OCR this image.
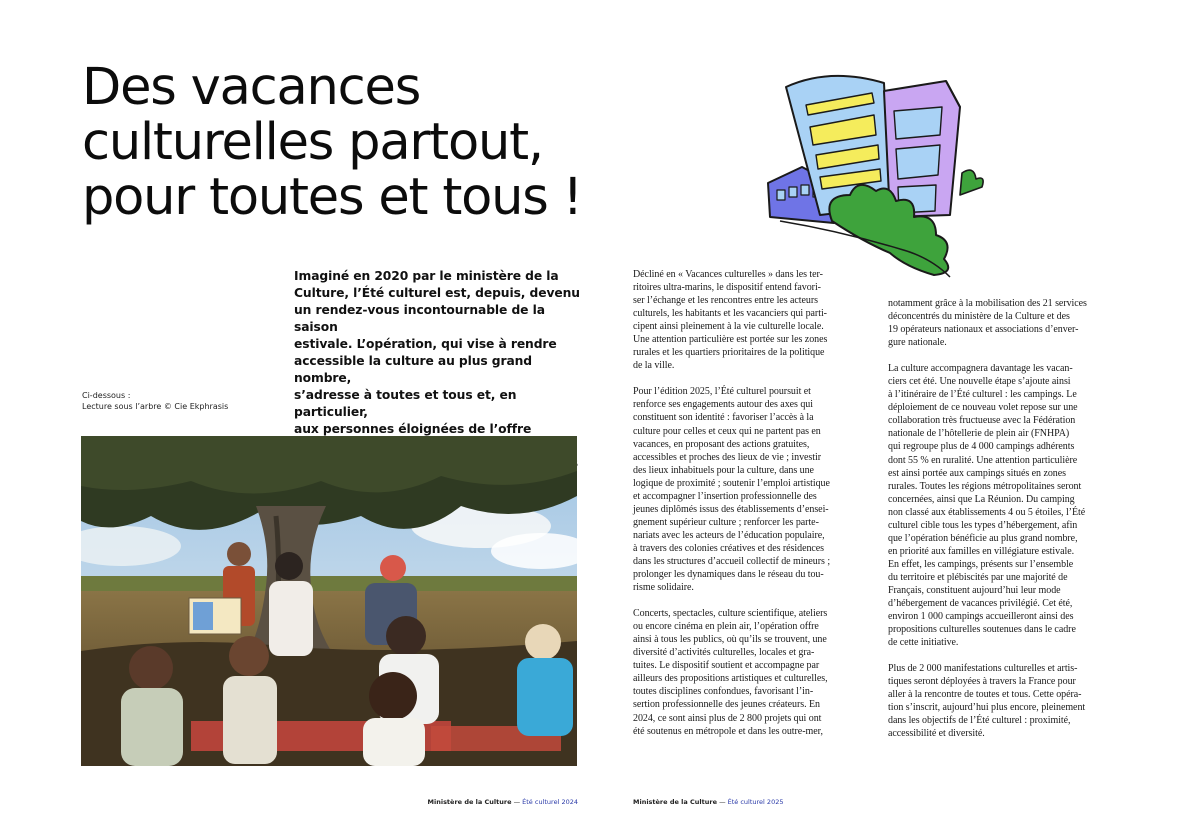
Des vacances
culturelles partout,
pour toutes et tous !
Imaginé en 2020 par le ministère de la
Culture, l’Été culturel est, depuis, devenu
un rendez-vous incontournable de la saison
estivale. L’opération, qui vise à rendre
accessible la culture au plus grand nombre,
s’adresse à toutes et tous et, en particulier,
aux personnes éloignées de l’offre
Ci-dessous :
Lecture sous l’arbre © Cie Ekphrasis
Ministère de la Culture — Été culturel 2024

Décliné en « Vacances culturelles » dans les ter-
ritoires ultra-marins, le dispositif entend favori-
ser l’échange et les rencontres entre les acteurs
culturels, les habitants et les vacanciers qui parti-
cipent ainsi pleinement à la vie culturelle locale.
Une attention particulière est portée sur les zones
rurales et les quartiers prioritaires de la politique
de la ville.

Pour l’édition 2025, l’Été culturel poursuit et
renforce ses engagements autour des axes qui
constituent son identité : favoriser l’accès à la
culture pour celles et ceux qui ne partent pas en
vacances, en proposant des actions gratuites,
accessibles et proches des lieux de vie ; investir
des lieux inhabituels pour la culture, dans une
logique de proximité ; soutenir l’emploi artistique
et accompagner l’insertion professionnelle des
jeunes diplômés issus des établissements d’ensei-
gnement supérieur culture ; renforcer les parte-
nariats avec les acteurs de l’éducation populaire,
à travers des colonies créatives et des résidences
dans les structures d’accueil collectif de mineurs ;
prolonger les dynamiques dans le réseau du tou-
risme solidaire.

Concerts, spectacles, culture scientifique, ateliers
ou encore cinéma en plein air, l’opération offre
ainsi à tous les publics, où qu’ils se trouvent, une
diversité d’activités culturelles, locales et gra-
tuites. Le dispositif soutient et accompagne par
ailleurs des propositions artistiques et culturelles,
toutes disciplines confondues, favorisant l’in-
sertion professionnelle des jeunes créateurs. En
2024, ce sont ainsi plus de 2 800 projets qui ont
été soutenus en métropole et dans les outre-mer,

notamment grâce à la mobilisation des 21 services
déconcentrés du ministère de la Culture et des
19 opérateurs nationaux et associations d’enver-
gure nationale.

La culture accompagnera davantage les vacan-
ciers cet été. Une nouvelle étape s’ajoute ainsi
à l’itinéraire de l’Été culturel : les campings. Le
déploiement de ce nouveau volet repose sur une
collaboration très fructueuse avec la Fédération
nationale de l’hôtellerie de plein air (FNHPA)
qui regroupe plus de 4 000 campings adhérents
dont 55 % en ruralité. Une attention particulière
est ainsi portée aux campings situés en zones
rurales. Toutes les régions métropolitaines seront
concernées, ainsi que La Réunion. Du camping
non classé aux établissements 4 ou 5 étoiles, l’Été
culturel cible tous les types d’hébergement, afin
que l’opération bénéficie au plus grand nombre,
en priorité aux familles en villégiature estivale.
En effet, les campings, présents sur l’ensemble
du territoire et plébiscités par une majorité de
Français, constituent aujourd’hui leur mode
d’hébergement de vacances privilégié. Cet été,
environ 1 000 campings accueilleront ainsi des
propositions culturelles soutenues dans le cadre
de cette initiative.

Plus de 2 000 manifestations culturelles et artis-
tiques seront déployées à travers la France pour
aller à la rencontre de toutes et tous. Cette opéra-
tion s’inscrit, aujourd’hui plus encore, pleinement
dans les objectifs de l’Été culturel : proximité,
accessibilité et diversité.

Ministère de la Culture — Été culturel 2025
